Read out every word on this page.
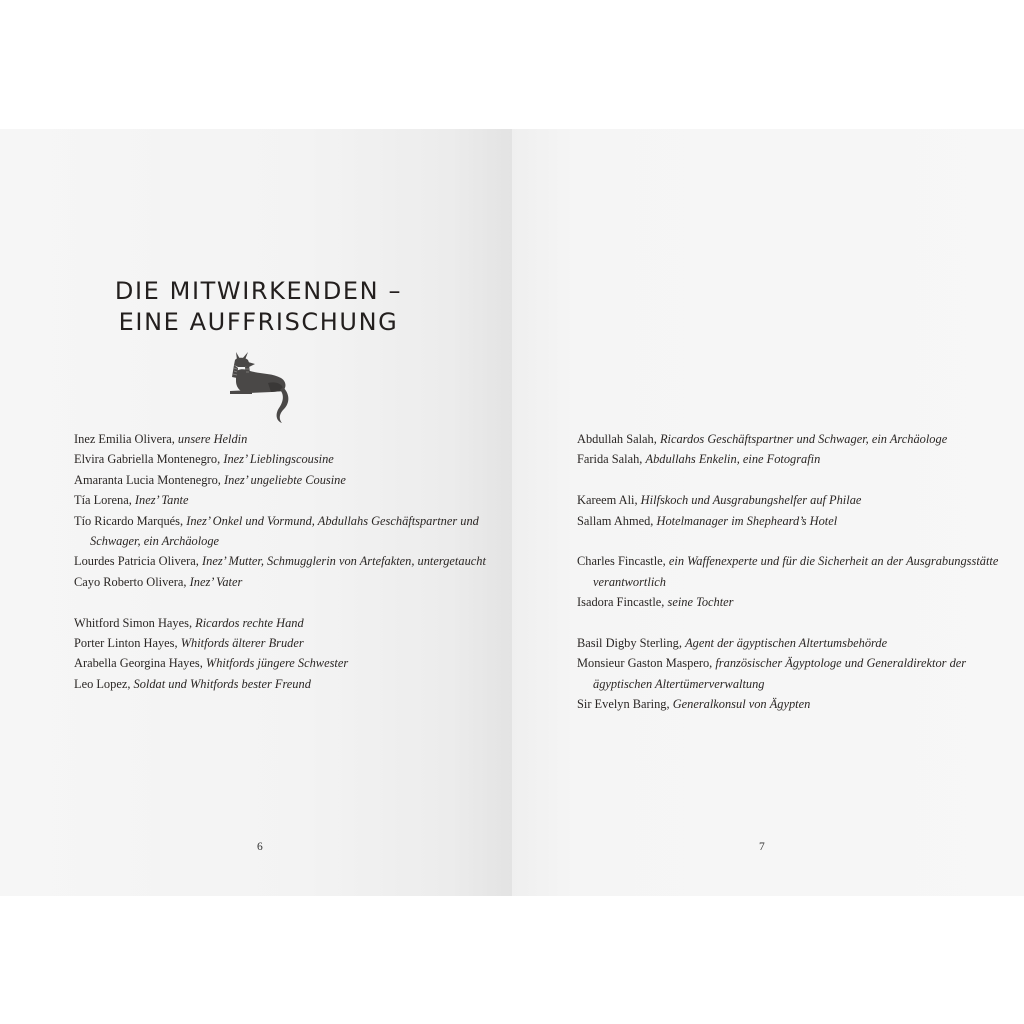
DIE MITWIRKENDEN –
EINE AUFFRISCHUNG
Inez Emilia Olivera, unsere Heldin
Elvira Gabriella Montenegro, Inez’ Lieblingscousine
Amaranta Lucia Montenegro, Inez’ ungeliebte Cousine
Tía Lorena, Inez’ Tante
Tío Ricardo Marqués, Inez’ Onkel und Vormund, Abdullahs Geschäftspartner und Schwager, ein Archäologe
Lourdes Patricia Olivera, Inez’ Mutter, Schmugglerin von Artefakten, untergetaucht
Cayo Roberto Olivera, Inez’ Vater
Whitford Simon Hayes, Ricardos rechte Hand
Porter Linton Hayes, Whitfords älterer Bruder
Arabella Georgina Hayes, Whitfords jüngere Schwester
Leo Lopez, Soldat und Whitfords bester Freund
6
Abdullah Salah, Ricardos Geschäftspartner und Schwager, ein Archäologe
Farida Salah, Abdullahs Enkelin, eine Fotografin
Kareem Ali, Hilfskoch und Ausgrabungshelfer auf Philae
Sallam Ahmed, Hotelmanager im Shepheard’s Hotel
Charles Fincastle, ein Waffenexperte und für die Sicherheit an der Ausgrabungsstätte verantwortlich
Isadora Fincastle, seine Tochter
Basil Digby Sterling, Agent der ägyptischen Altertumsbehörde
Monsieur Gaston Maspero, französischer Ägyptologe und Generaldirektor der ägyptischen Altertümerverwaltung
Sir Evelyn Baring, Generalkonsul von Ägypten
7
